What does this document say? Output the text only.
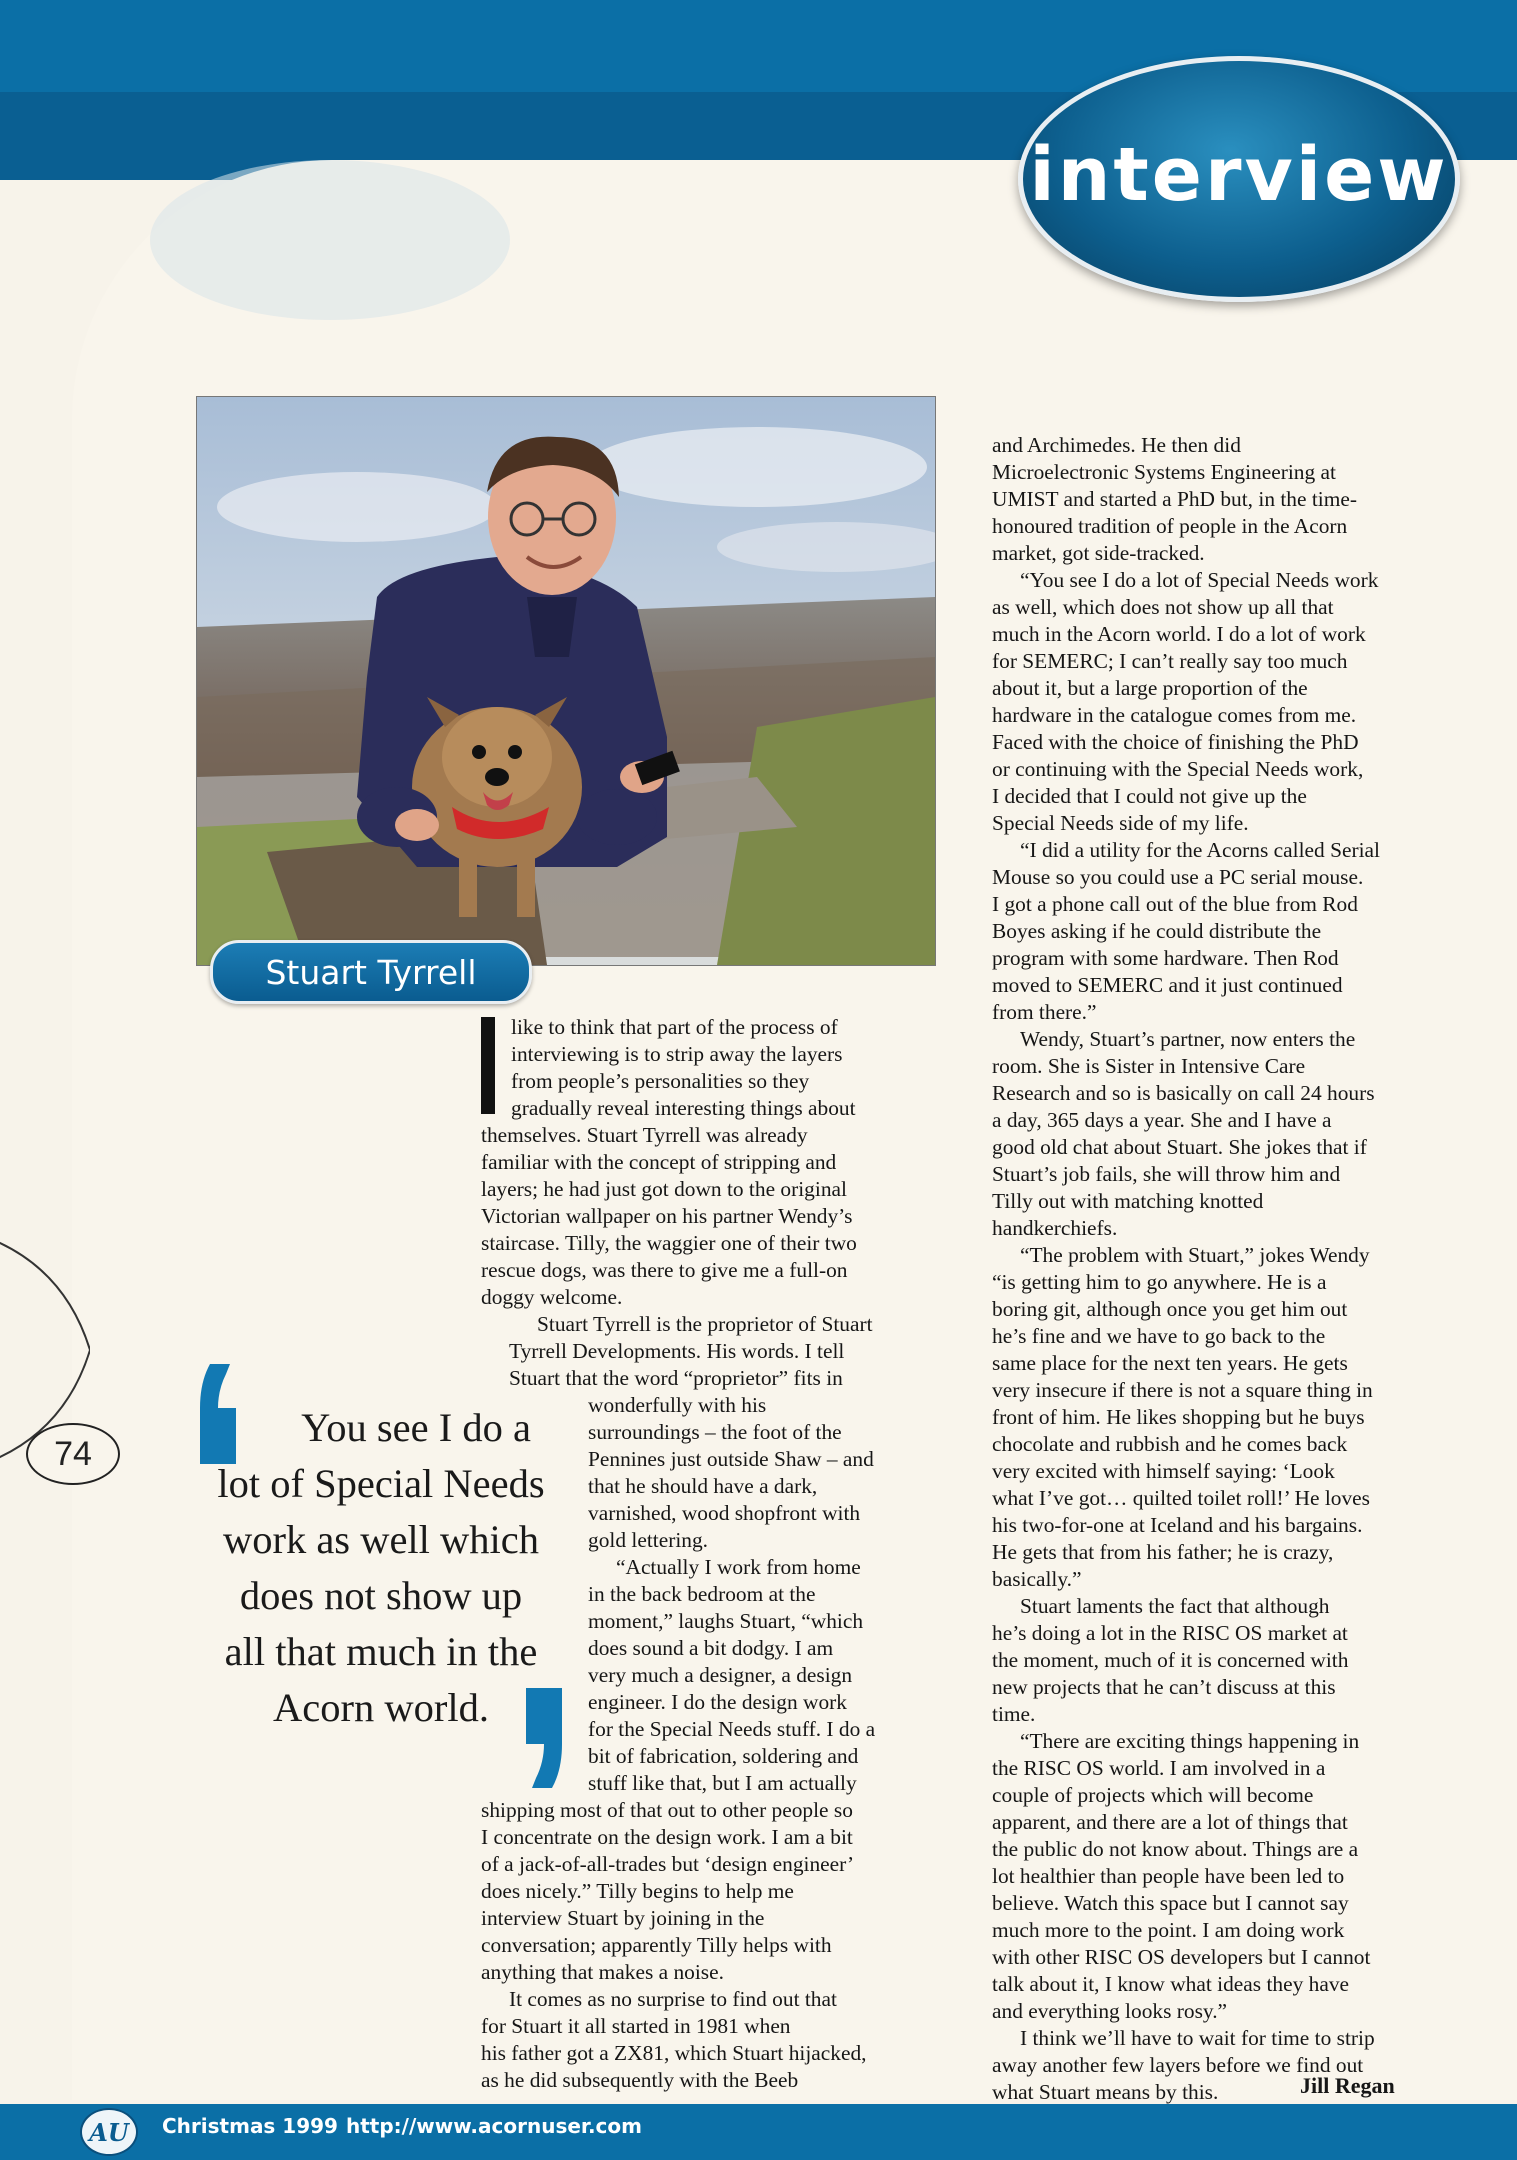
interview
Stuart Tyrrell

like to think that part of the process of
interviewing is to strip away the layers
from people’s personalities so they
gradually reveal interesting things about
themselves. Stuart Tyrrell was already
familiar with the concept of stripping and
layers; he had just got down to the original
Victorian wallpaper on his partner Wendy’s
staircase. Tilly, the waggier one of their two
rescue dogs, was there to give me a full-on
doggy welcome.

Stuart Tyrrell is the proprietor of Stuart
Tyrrell Developments. His words. I tell
Stuart that the word “proprietor” fits in

wonderfully with his
surroundings – the foot of the
Pennines just outside Shaw – and
that he should have a dark,
varnished, wood shopfront with
gold lettering.

“Actually I work from home
in the back bedroom at the
moment,” laughs Stuart, “which
does sound a bit dodgy. I am
very much a designer, a design
engineer. I do the design work
for the Special Needs stuff. I do a
bit of fabrication, soldering and
stuff like that, but I am actually

shipping most of that out to other people so
I concentrate on the design work. I am a bit
of a jack-of-all-trades but ‘design engineer’
does nicely.” Tilly begins to help me
interview Stuart by joining in the
conversation; apparently Tilly helps with
anything that makes a noise.

It comes as no surprise to find out that
for Stuart it all started in 1981 when
his father got a ZX81, which Stuart hijacked,
as he did subsequently with the Beeb

and Archimedes. He then did
Microelectronic Systems Engineering at
UMIST and started a PhD but, in the time-
honoured tradition of people in the Acorn
market, got side-tracked.

“You see I do a lot of Special Needs work
as well, which does not show up all that
much in the Acorn world. I do a lot of work
for SEMERC; I can’t really say too much
about it, but a large proportion of the
hardware in the catalogue comes from me.
Faced with the choice of finishing the PhD
or continuing with the Special Needs work,
I decided that I could not give up the
Special Needs side of my life.

“I did a utility for the Acorns called Serial
Mouse so you could use a PC serial mouse.
I got a phone call out of the blue from Rod
Boyes asking if he could distribute the
program with some hardware. Then Rod
moved to SEMERC and it just continued
from there.”

Wendy, Stuart’s partner, now enters the
room. She is Sister in Intensive Care
Research and so is basically on call 24 hours
a day, 365 days a year. She and I have a
good old chat about Stuart. She jokes that if
Stuart’s job fails, she will throw him and
Tilly out with matching knotted
handkerchiefs.

“The problem with Stuart,” jokes Wendy
“is getting him to go anywhere. He is a
boring git, although once you get him out
he’s fine and we have to go back to the
same place for the next ten years. He gets
very insecure if there is not a square thing in
front of him. He likes shopping but he buys
chocolate and rubbish and he comes back
very excited with himself saying: ‘Look
what I’ve got… quilted toilet roll!’ He loves
his two-for-one at Iceland and his bargains.
He gets that from his father; he is crazy,
basically.”

Stuart laments the fact that although
he’s doing a lot in the RISC OS market at
the moment, much of it is concerned with
new projects that he can’t discuss at this
time.

“There are exciting things happening in
the RISC OS world. I am involved in a
couple of projects which will become
apparent, and there are a lot of things that
the public do not know about. Things are a
lot healthier than people have been led to
believe. Watch this space but I cannot say
much more to the point. I am doing work
with other RISC OS developers but I cannot
talk about it, I know what ideas they have
and everything looks rosy.”

I think we’ll have to wait for time to strip
away another few layers before we find out
what Stuart means by this.	Jill Regan
You see I do a
lot of Special Needs
work as well which
does not show up
all that much in the
Acorn world.
74
AU Christmas 1999 http://www.acornuser.com
